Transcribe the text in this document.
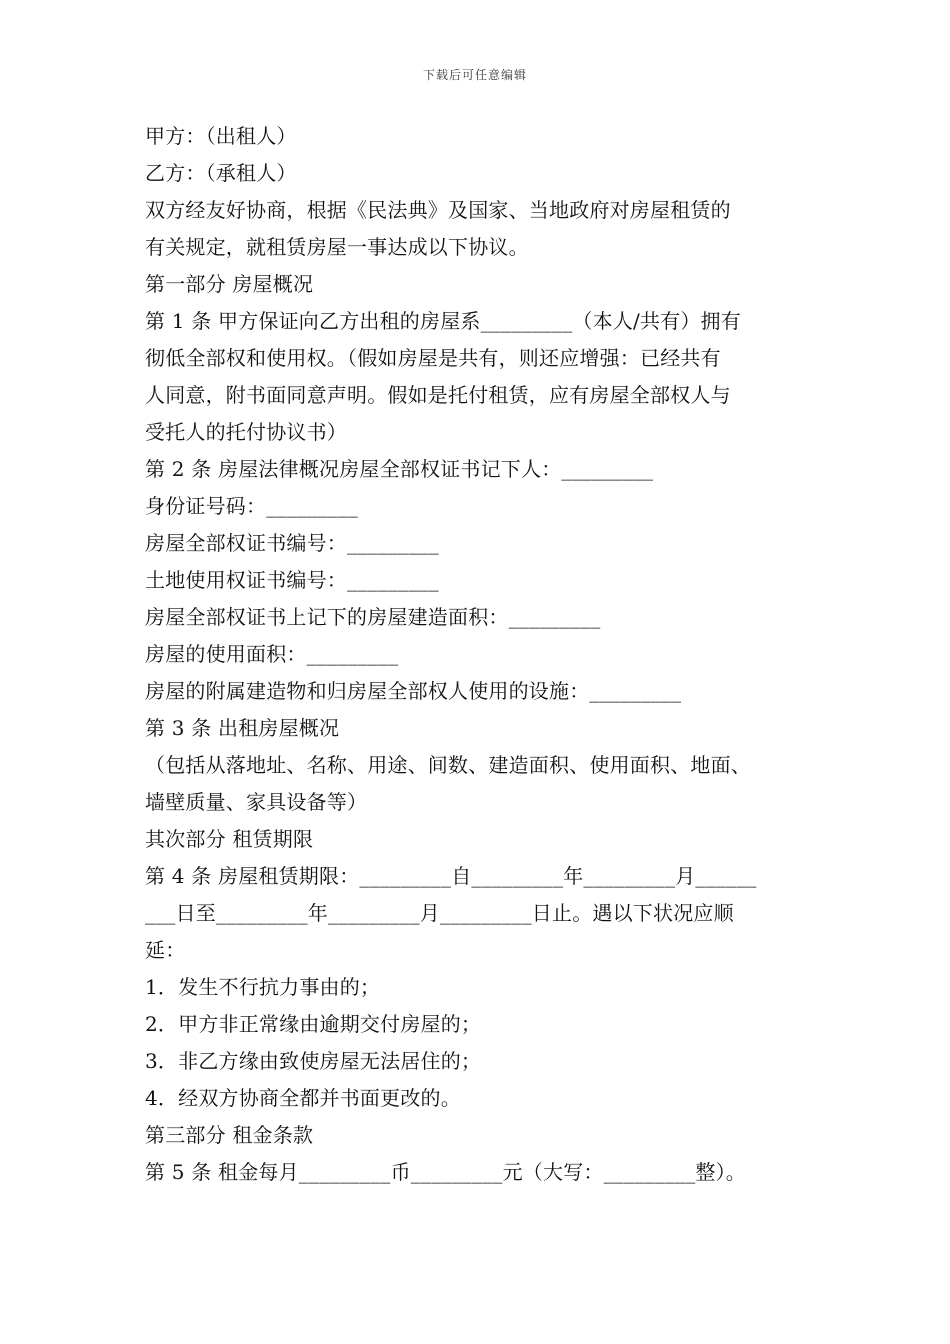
下载后可任意编辑
甲方：（出租人）
乙方：（承租人）
双方经友好协商，根据《民法典》及国家、当地政府对房屋租赁的
有关规定，就租赁房屋一事达成以下协议。
第一部分 房屋概况
第 1 条 甲方保证向乙方出租的房屋系_________（本人/共有）拥有
彻低全部权和使用权。（假如房屋是共有，则还应增强：已经共有
人同意，附书面同意声明。假如是托付租赁，应有房屋全部权人与
受托人的托付协议书）
第 2 条 房屋法律概况房屋全部权证书记下人：_________
身份证号码：_________
房屋全部权证书编号：_________
土地使用权证书编号：_________
房屋全部权证书上记下的房屋建造面积：_________
房屋的使用面积：_________
房屋的附属建造物和归房屋全部权人使用的设施：_________
第 3 条 出租房屋概况
（包括从落地址、名称、用途、间数、建造面积、使用面积、地面、
墙壁质量、家具设备等）
其次部分 租赁期限
第 4 条 房屋租赁期限：_________自_________年_________月______
___日至_________年_________月_________日止。遇以下状况应顺
延：
1．发生不行抗力事由的；
2．甲方非正常缘由逾期交付房屋的；
3．非乙方缘由致使房屋无法居住的；
4．经双方协商全都并书面更改的。
第三部分 租金条款
第 5 条 租金每月_________币_________元（大写：_________整）。
